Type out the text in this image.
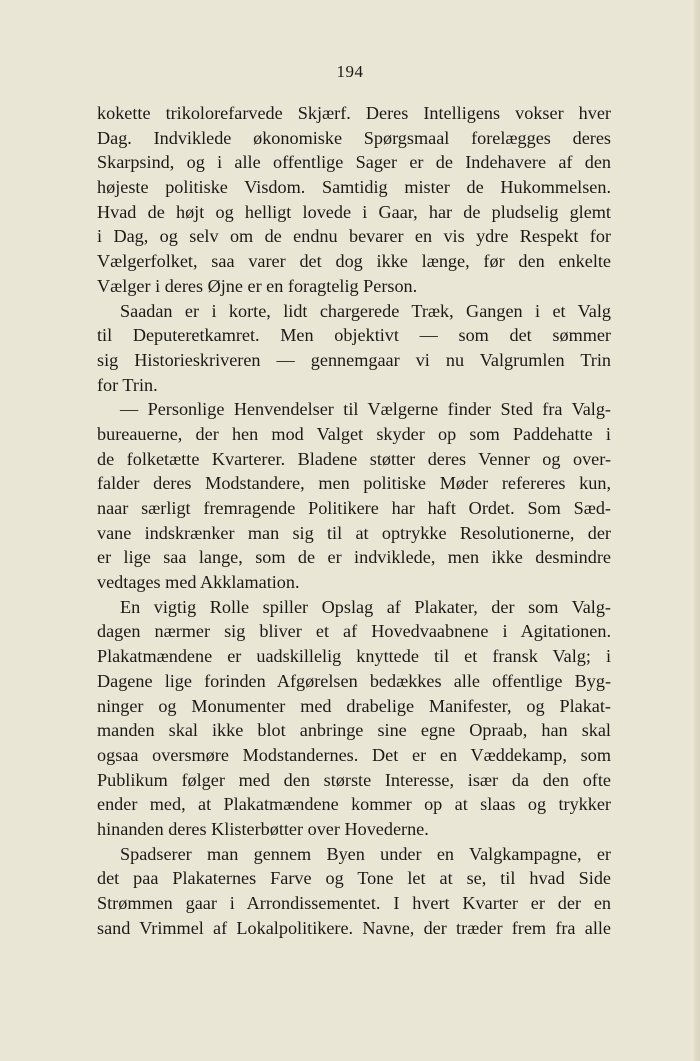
194
kokette trikolorefarvede Skjærf. Deres Intelligens vokser hver
Dag. Indviklede økonomiske Spørgsmaal forelægges deres
Skarpsind, og i alle offentlige Sager er de Indehavere af den
højeste politiske Visdom. Samtidig mister de Hukommelsen.
Hvad de højt og helligt lovede i Gaar, har de pludselig glemt
i Dag, og selv om de endnu bevarer en vis ydre Respekt for
Vælgerfolket, saa varer det dog ikke længe, før den enkelte
Vælger i deres Øjne er en foragtelig Person.
Saadan er i korte, lidt chargerede Træk, Gangen i et Valg
til Deputeretkamret. Men objektivt — som det sømmer
sig Historieskriveren — gennemgaar vi nu Valgrumlen Trin
for Trin.
— Personlige Henvendelser til Vælgerne finder Sted fra Valg-
bureauerne, der hen mod Valget skyder op som Paddehatte i
de folketætte Kvarterer. Bladene støtter deres Venner og over-
falder deres Modstandere, men politiske Møder refereres kun,
naar særligt fremragende Politikere har haft Ordet. Som Sæd-
vane indskrænker man sig til at optrykke Resolutionerne, der
er lige saa lange, som de er indviklede, men ikke desmindre
vedtages med Akklamation.
En vigtig Rolle spiller Opslag af Plakater, der som Valg-
dagen nærmer sig bliver et af Hovedvaabnene i Agitationen.
Plakatmændene er uadskillelig knyttede til et fransk Valg; i
Dagene lige forinden Afgørelsen bedækkes alle offentlige Byg-
ninger og Monumenter med drabelige Manifester, og Plakat-
manden skal ikke blot anbringe sine egne Opraab, han skal
ogsaa oversmøre Modstandernes. Det er en Væddekamp, som
Publikum følger med den største Interesse, især da den ofte
ender med, at Plakatmændene kommer op at slaas og trykker
hinanden deres Klisterbøtter over Hovederne.
Spadserer man gennem Byen under en Valgkampagne, er
det paa Plakaternes Farve og Tone let at se, til hvad Side
Strømmen gaar i Arrondissementet. I hvert Kvarter er der en
sand Vrimmel af Lokalpolitikere. Navne, der træder frem fra alle
